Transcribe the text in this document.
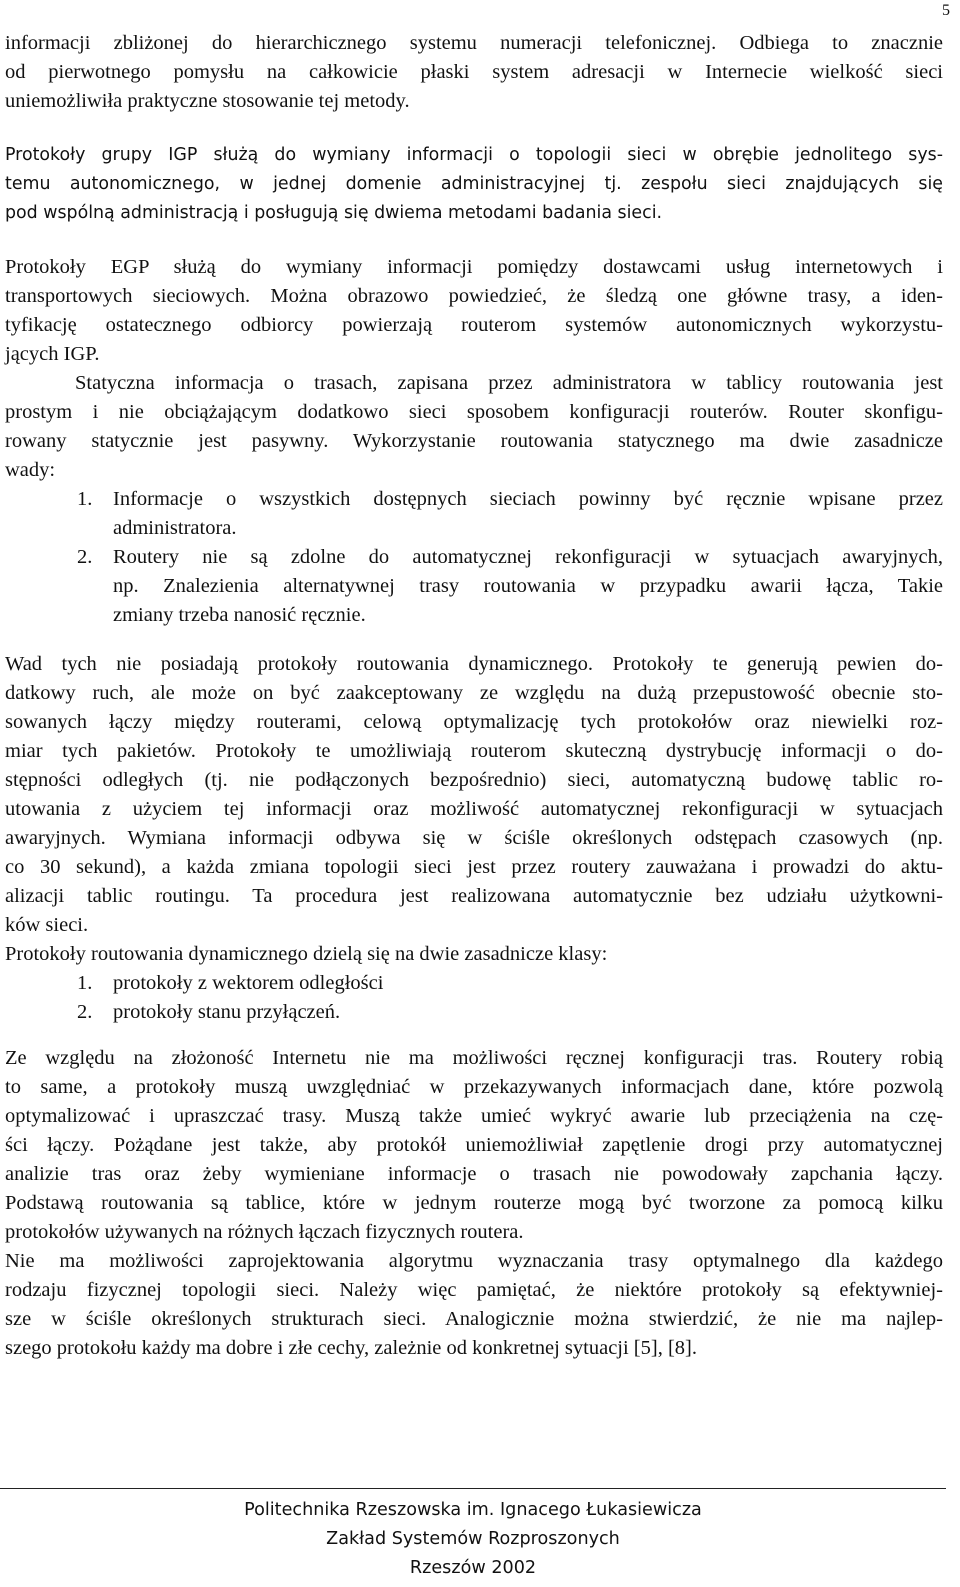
5
informacji zbliżonej do hierarchicznego systemu numeracji telefonicznej. Odbiega to znacznie
od pierwotnego pomysłu na całkowicie płaski system adresacji w Internecie wielkość sieci
uniemożliwiła praktyczne stosowanie tej metody.
Protokoły grupy IGP służą do wymiany informacji o topologii sieci w obrębie jednolitego sys-
temu autonomicznego, w jednej domenie administracyjnej tj. zespołu sieci znajdujących się
pod wspólną administracją i posługują się dwiema metodami badania sieci.
Protokoły EGP służą do wymiany informacji pomiędzy dostawcami usług internetowych i
transportowych sieciowych. Można obrazowo powiedzieć, że śledzą one główne trasy, a iden-
tyfikację ostatecznego odbiorcy powierzają routerom systemów autonomicznych wykorzystu-
jących IGP.
Statyczna informacja o trasach, zapisana przez administratora w tablicy routowania jest
prostym i nie obciążającym dodatkowo sieci sposobem konfiguracji routerów. Router skonfigu-
rowany statycznie jest pasywny. Wykorzystanie routowania statycznego ma dwie zasadnicze
wady:
1. Informacje o wszystkich dostępnych sieciach powinny być ręcznie wpisane przez
administratora.
2. Routery nie są zdolne do automatycznej rekonfiguracji w sytuacjach awaryjnych,
np. Znalezienia alternatywnej trasy routowania w przypadku awarii łącza, Takie
zmiany trzeba nanosić ręcznie.
Wad tych nie posiadają protokoły routowania dynamicznego. Protokoły te generują pewien do-
datkowy ruch, ale może on być zaakceptowany ze względu na dużą przepustowość obecnie sto-
sowanych łączy między routerami, celową optymalizację tych protokołów oraz niewielki roz-
miar tych pakietów. Protokoły te umożliwiają routerom skuteczną dystrybucję informacji o do-
stępności odległych (tj. nie podłączonych bezpośrednio) sieci, automatyczną budowę tablic ro-
utowania z użyciem tej informacji oraz możliwość automatycznej rekonfiguracji w sytuacjach
awaryjnych. Wymiana informacji odbywa się w ściśle określonych odstępach czasowych (np.
co 30 sekund), a każda zmiana topologii sieci jest przez routery zauważana i prowadzi do aktu-
alizacji tablic routingu. Ta procedura jest realizowana automatycznie bez udziału użytkowni-
ków sieci.
Protokoły routowania dynamicznego dzielą się na dwie zasadnicze klasy:
1. protokoły z wektorem odległości
2. protokoły stanu przyłączeń.
Ze względu na złożoność Internetu nie ma możliwości ręcznej konfiguracji tras. Routery robią
to same, a protokoły muszą uwzględniać w przekazywanych informacjach dane, które pozwolą
optymalizować i upraszczać trasy. Muszą także umieć wykryć awarie lub przeciążenia na czę-
ści łączy. Pożądane jest także, aby protokół uniemożliwiał zapętlenie drogi przy automatycznej
analizie tras oraz żeby wymieniane informacje o trasach nie powodowały zapchania łączy.
Podstawą routowania są tablice, które w jednym routerze mogą być tworzone za pomocą kilku
protokołów używanych na różnych łączach fizycznych routera.
Nie ma możliwości zaprojektowania algorytmu wyznaczania trasy optymalnego dla każdego
rodzaju fizycznej topologii sieci. Należy więc pamiętać, że niektóre protokoły są efektywniej-
sze w ściśle określonych strukturach sieci. Analogicznie można stwierdzić, że nie ma najlep-
szego protokołu każdy ma dobre i złe cechy, zależnie od konkretnej sytuacji [5], [8].
Politechnika Rzeszowska im. Ignacego Łukasiewicza
Zakład Systemów Rozproszonych
Rzeszów 2002
